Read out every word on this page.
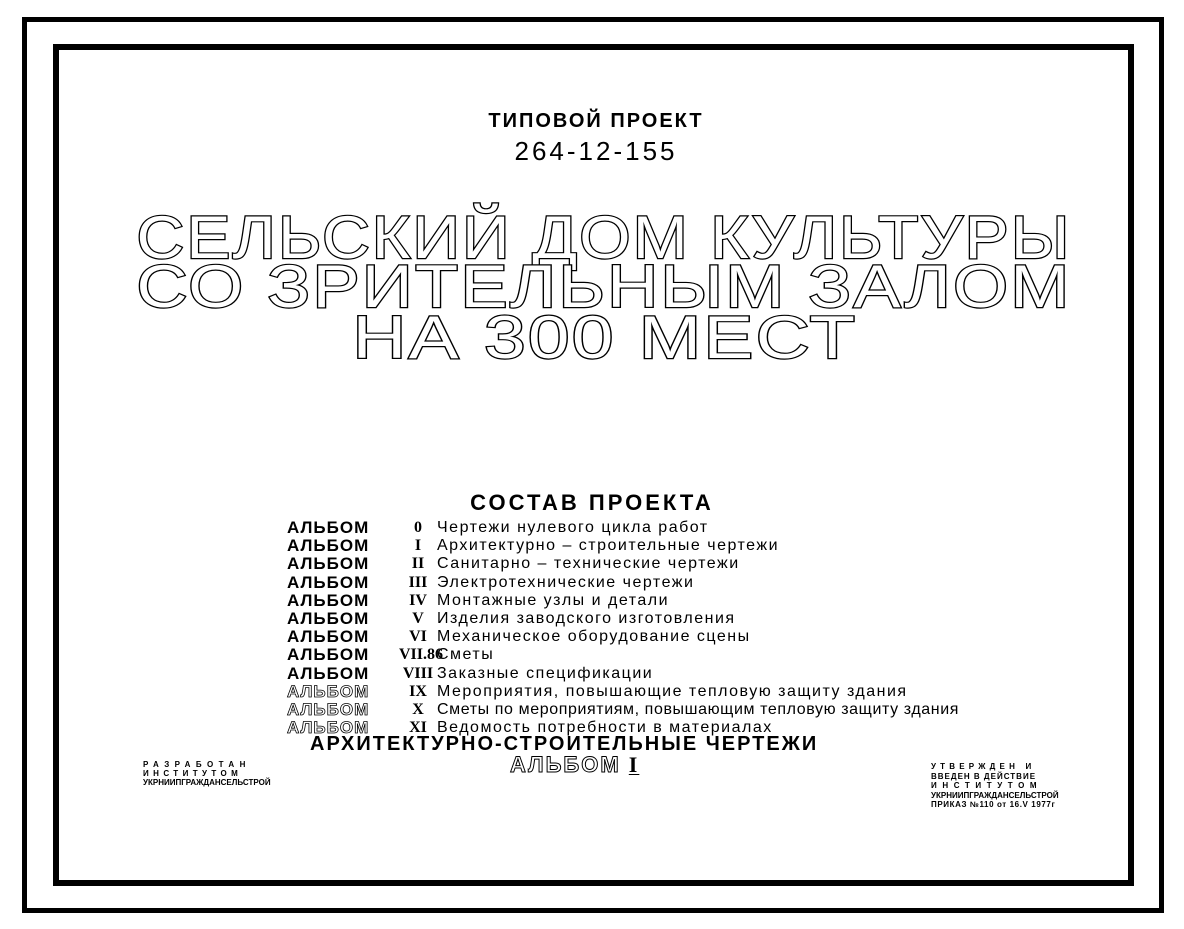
ТИПОВОЙ ПРОЕКТ
264-12-155
СЕЛЬСКИЙ ДОМ КУЛЬТУРЫ
СО ЗРИТЕЛЬНЫМ ЗАЛОМ
НА 300 МЕСТ
СОСТАВ ПРОЕКТА
АЛЬБОМ	0 Чертежи нулевого цикла работ
АЛЬБОМ	I Архитектурно – строительные чертежи
АЛЬБОМ	II Санитарно – технические чертежи
АЛЬБОМ III Электротехнические чертежи
АЛЬБОМ IV Монтажные узлы и детали
АЛЬБОМ	V Изделия заводского изготовления
АЛЬБОМ VI Механическое оборудование сцены
АЛЬБОМ VII.86Сметы
АЛЬБОМ VIII Заказные спецификации
АЛЬБОМ IX Мероприятия, повышающие тепловую защиту здания
АЛЬБОМ	X Сметы по мероприятиям, повышающим тепловую защиту здания
АЛЬБОМ XI Ведомость потребности в материалах
АРХИТЕКТУРНО-СТРОИТЕЛЬНЫЕ ЧЕРТЕЖИ
АЛЬБОМ I
РАЗРАБОТАН
ИНСТИТУТОМ
УКРНИИПГРАЖДАНСЕЛЬСТРОЙ
УТВЕРЖДЕН И
ВВЕДЕН В ДЕЙСТВИЕ
ИНСТИТУТОМ
УКРНИИПГРАЖДАНСЕЛЬСТРОЙ
ПРИКАЗ №110 от 16.V 1977г
